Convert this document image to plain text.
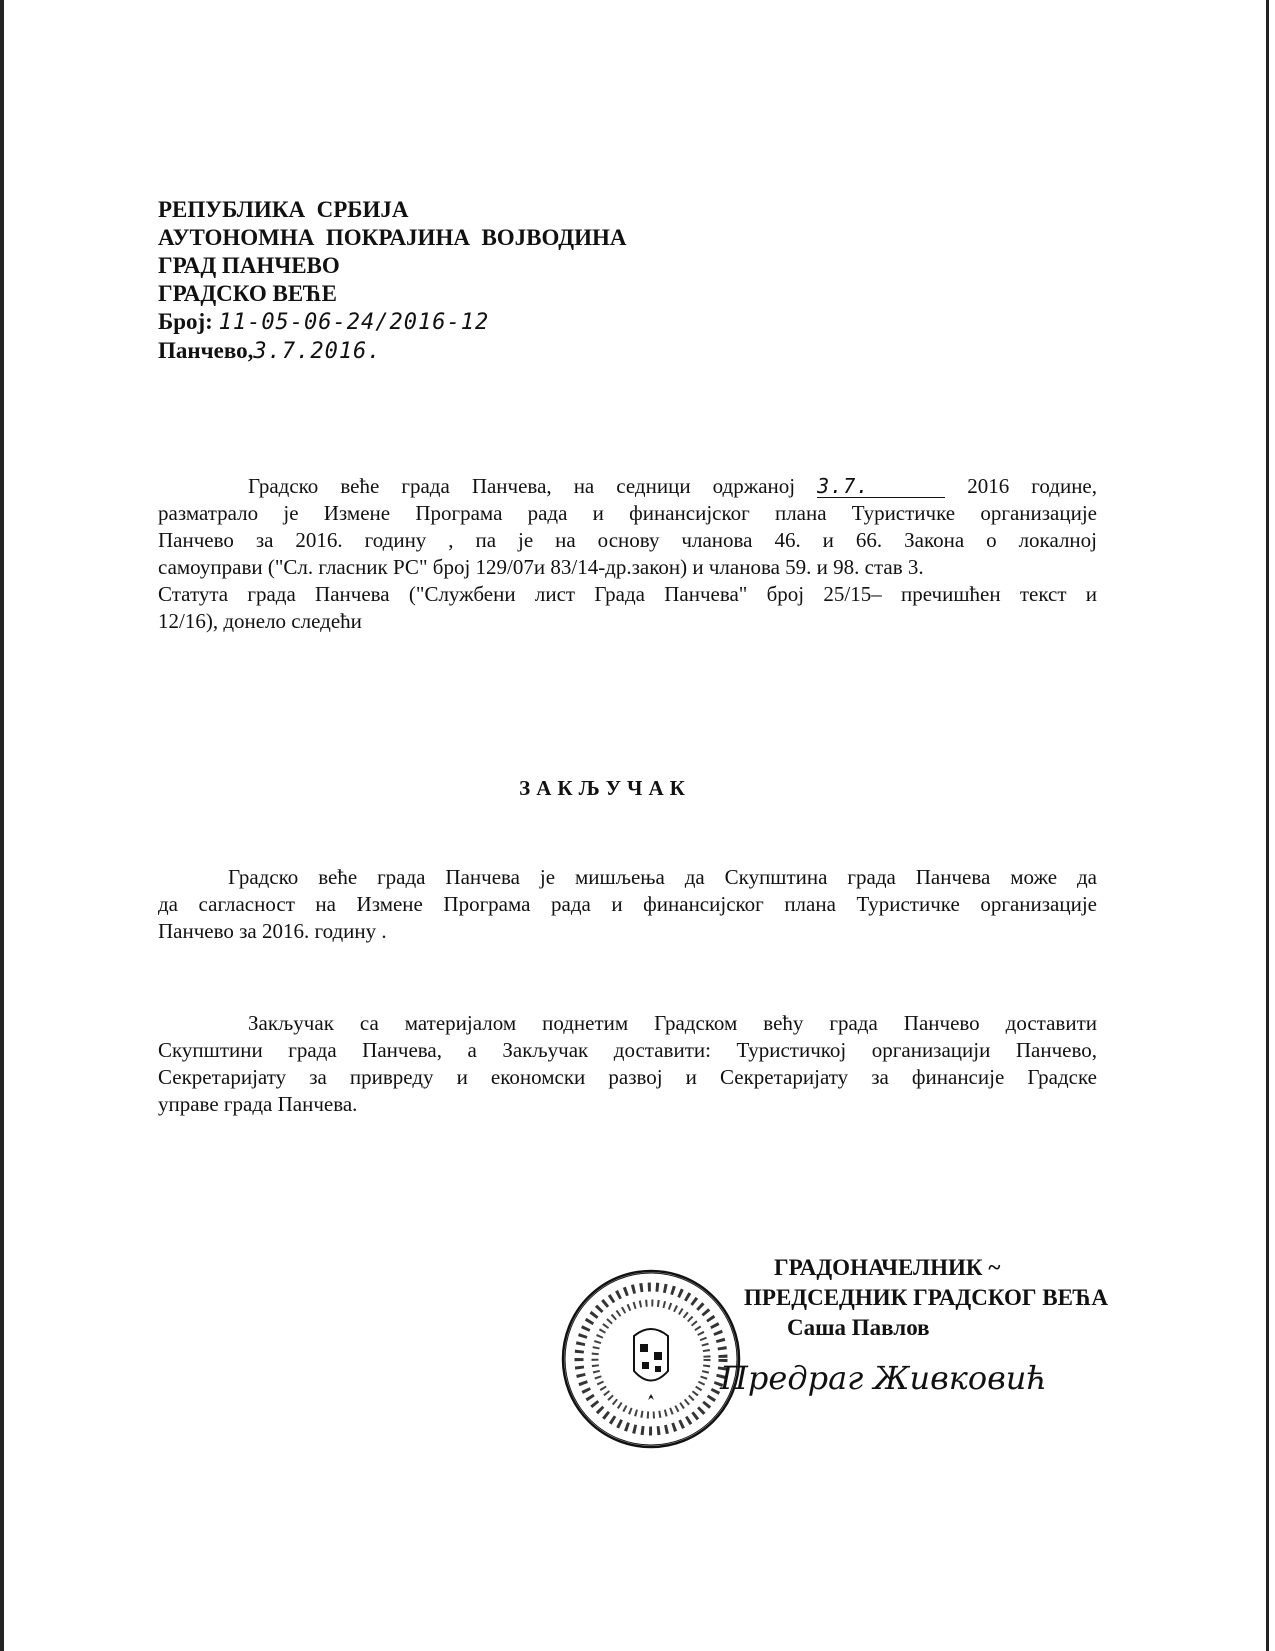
РЕПУБЛИКА  СРБИЈА
АУТОНОМНА  ПОКРАЈИНА  ВОЈВОДИНА
ГРАД ПАНЧЕВО
ГРАДСКО ВЕЋЕ
Број: 11-05-06-24/2016-12
Панчево,3.7.2016.
Градско веће града Панчева, на седници одржаној 3.7.	2016 године,
разматрало је Измене Програма рада и финансијског плана Туристичке организације
Панчево за 2016. годину , па је на основу чланова 46. и 66. Закона о локалној
самоуправи ("Сл. гласник РС" број 129/07и 83/14-др.закон) и чланова 59. и 98. став 3.
Статута града Панчева ("Службени лист Града Панчева" број 25/15– пречишћен текст и
12/16), донело следећи
ЗАКЉУЧАК
Градско веће града Панчева је мишљења да Скупштина града Панчева може да
да сагласност на Измене Програма рада и финансијског плана Туристичке организације
Панчево за 2016. годину .
Закључак са материјалом поднетим Градском већу града Панчево доставити
Скупштини града Панчева, а Закључак доставити: Туристичкој организацији Панчево,
Секретаријату за привреду и економски развој и Секретаријату за финансије Градске
управе града Панчева.
ГРАДОНАЧЕЛНИК ~
ПРЕДСЕДНИК ГРАДСКОГ ВЕЋА
Саша Павлов
Предраг Живковић
